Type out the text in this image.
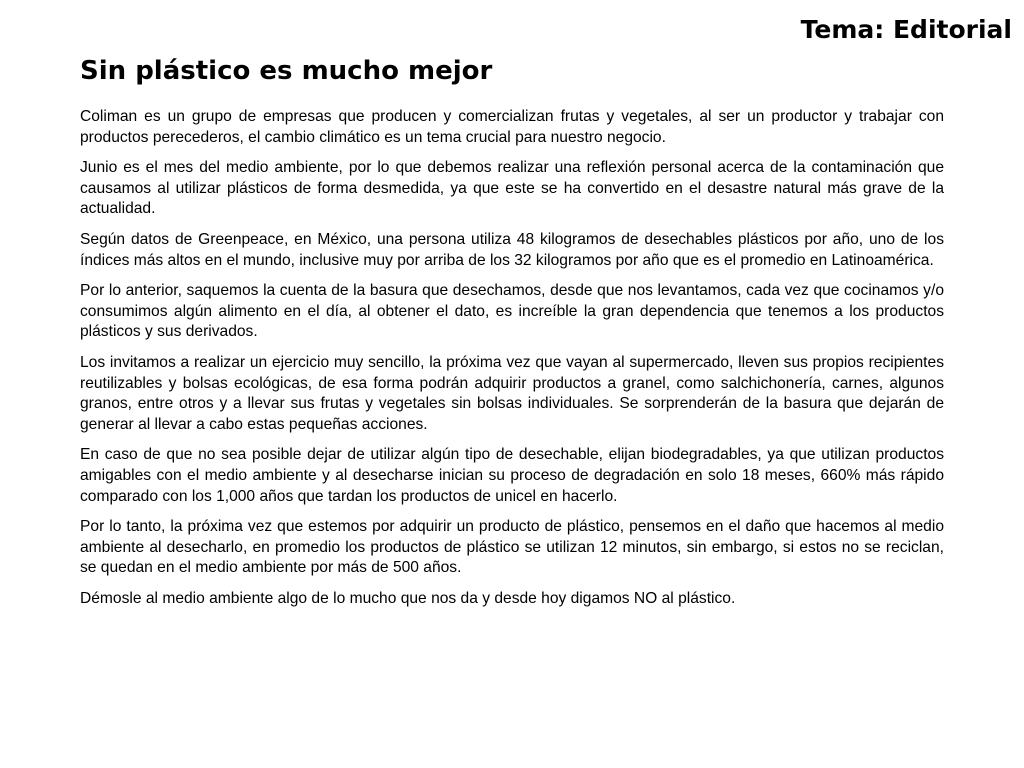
Tema: Editorial
Sin plástico es mucho mejor

Coliman es un grupo de empresas que producen y comercializan frutas y vegetales, al ser un productor y trabajar con productos perecederos, el cambio climático es un tema crucial para nuestro negocio.

Junio es el mes del medio ambiente, por lo que debemos realizar una reflexión personal acerca de la contaminación que causamos al utilizar plásticos de forma desmedida, ya que este se ha convertido en el desastre natural más grave de la actualidad.

Según datos de Greenpeace, en México, una persona utiliza 48 kilogramos de desechables plásticos por año, uno de los índices más altos en el mundo, inclusive muy por arriba de los 32 kilogramos por año que es el promedio en Latinoamérica.

Por lo anterior, saquemos la cuenta de la basura que desechamos, desde que nos levantamos, cada vez que cocinamos y/o consumimos algún alimento en el día, al obtener el dato, es increíble la gran dependencia que tenemos a los productos plásticos y sus derivados.

Los invitamos a realizar un ejercicio muy sencillo, la próxima vez que vayan al supermercado, lleven sus propios recipientes reutilizables y bolsas ecológicas, de esa forma podrán adquirir productos a granel, como salchichonería, carnes, algunos granos, entre otros y a llevar sus frutas y vegetales sin bolsas individuales. Se sorprenderán de la basura que dejarán de generar al llevar a cabo estas pequeñas acciones.

En caso de que no sea posible dejar de utilizar algún tipo de desechable, elijan biodegradables, ya que utilizan productos amigables con el medio ambiente y al desecharse inician su proceso de degradación en solo 18 meses, 660% más rápido comparado con los 1,000 años que tardan los productos de unicel en hacerlo.

Por lo tanto, la próxima vez que estemos por adquirir un producto de plástico, pensemos en el daño que hacemos al medio ambiente al desecharlo, en promedio los productos de plástico se utilizan 12 minutos, sin embargo, si estos no se reciclan, se quedan en el medio ambiente por más de 500 años.

Démosle al medio ambiente algo de lo mucho que nos da y desde hoy digamos NO al plástico.
